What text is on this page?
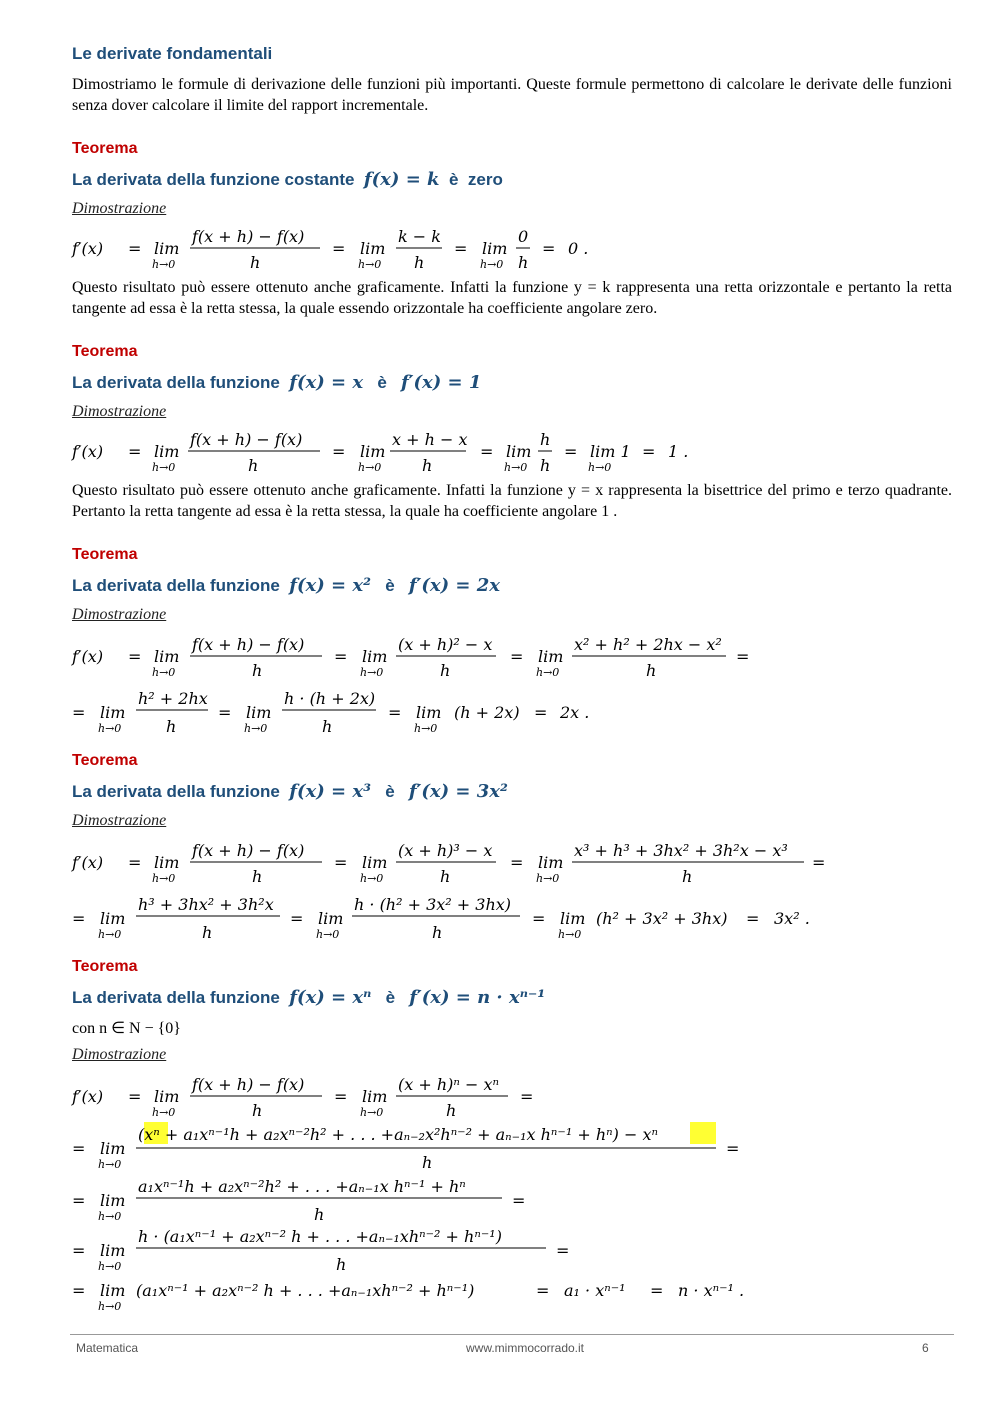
Le derivate fondamentali
Dimostriamo le formule di derivazione delle funzioni più importanti. Queste formule permettono di calcolare le derivate delle funzioni senza dover calcolare il limite del rapport incrementale.
Teorema
La derivata della funzione costante f(x) = k è zero
Dimostrazione
f′(x) = lim
h→0
f(x + h) − f(x)
h
= lim
h→0
k − k
h
= lim
h→0
0
h
= 0 .
Questo risultato può essere ottenuto anche graficamente. Infatti la funzione y = k rappresenta una retta orizzontale e pertanto la retta tangente ad essa è la retta stessa, la quale essendo orizzontale ha coefficiente angolare zero.
Teorema
La derivata della funzione f(x) = x è f′(x) = 1
Dimostrazione
f′(x) = lim
h→0
f(x + h) − f(x)
h
= lim
h→0
x + h − x
h
= lim
h→0
h
h
= lim 1
h→0
= 1 .
Questo risultato può essere ottenuto anche graficamente. Infatti la funzione y = x rappresenta la bisettrice del primo e terzo quadrante. Pertanto la retta tangente ad essa è la retta stessa, la quale ha coefficiente angolare 1 .
Teorema
La derivata della funzione f(x) = x² è f′(x) = 2x
Dimostrazione
f′(x) = lim
h→0
f(x + h) − f(x)
h
= lim
h→0
(x + h)² − x
h
= lim
h→0
x² + h² + 2hx − x²
h
=
= lim
h→0
h² + 2hx
h
= lim
h→0
h · (h + 2x)
h
= lim
h→0
(h + 2x) = 2x .
Teorema
La derivata della funzione f(x) = x³ è f′(x) = 3x²
Dimostrazione
f′(x) = lim
h→0
f(x + h) − f(x)
h
= lim
h→0
(x + h)³ − x
h
= lim
h→0
x³ + h³ + 3hx² + 3h²x − x³
h
=
= lim
h→0
h³ + 3hx² + 3h²x
h
= lim
h→0
h · (h² + 3x² + 3hx)
h
= lim
h→0
(h² + 3x² + 3hx) = 3x² .
Teorema
La derivata della funzione f(x) = xⁿ è f′(x) = n · xⁿ⁻¹
con n ∈ N − {0}
Dimostrazione
f′(x) = lim
h→0
f(x + h) − f(x)
h
= lim
h→0
(x + h)ⁿ − xⁿ
h
=
= lim
h→0
(xⁿ + a₁xⁿ⁻¹h + a₂xⁿ⁻²h² + . . . +aₙ₋₂x²hⁿ⁻² + aₙ₋₁x hⁿ⁻¹ + hⁿ) − xⁿ
h
=
= lim
h→0
a₁xⁿ⁻¹h + a₂xⁿ⁻²h² + . . . +aₙ₋₁x hⁿ⁻¹ + hⁿ
h
=
= lim
h→0
h · (a₁xⁿ⁻¹ + a₂xⁿ⁻² h + . . . +aₙ₋₁xhⁿ⁻² + hⁿ⁻¹)
h
=
= lim
h→0
(a₁xⁿ⁻¹ + a₂xⁿ⁻² h + . . . +aₙ₋₁xhⁿ⁻² + hⁿ⁻¹)	= a₁ · xⁿ⁻¹ = n · xⁿ⁻¹ .
Matematica	www.mimmocorrado.it	6
